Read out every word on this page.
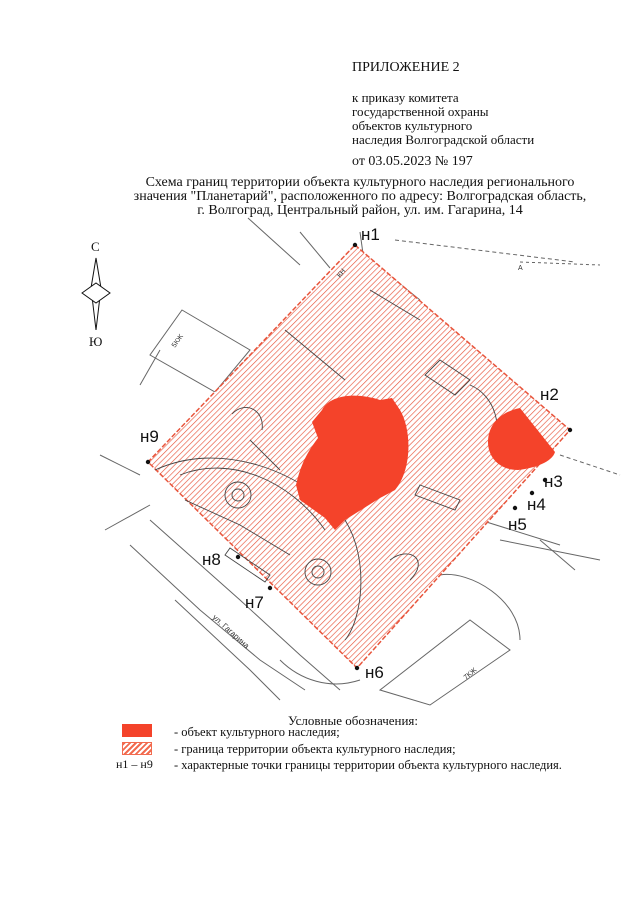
ПРИЛОЖЕНИЕ 2
к приказу комитета
государственной охраны
объектов культурного
наследия Волгоградской области
от 03.05.2023 № 197
Схема границ территории объекта культурного наследия регионального
значения "Планетарий", расположенного по адресу: Волгоградская область,
г. Волгоград, Центральный район, ул. им. Гагарина, 14
н1
н2
н3
н4
н5
н6
н7
н8
н9
5КЖ
7КЖ
КН
ул. Гагарина
А
С
Ю
Условные обозначения:
- объект культурного наследия;
- граница территории объекта культурного наследия;
н1 – н9 - характерные точки границы территории объекта культурного наследия.
